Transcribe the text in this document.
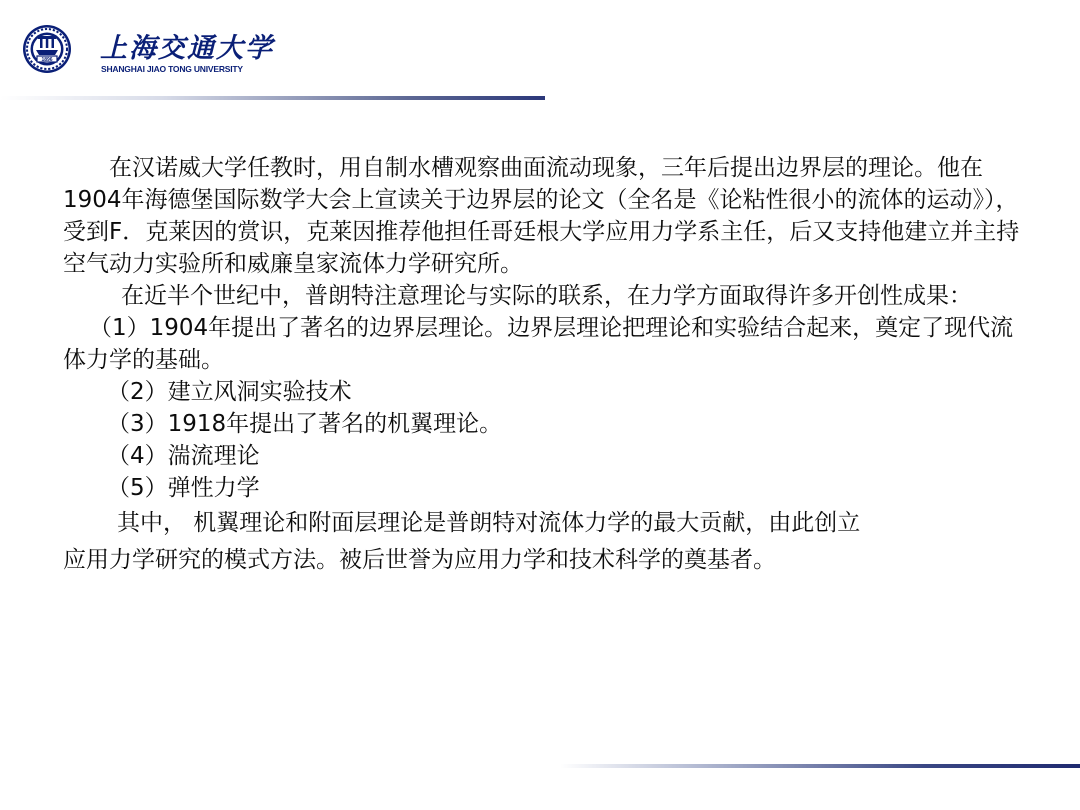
1896 上海交通大学
SHANGHAI JIAO TONG UNIVERSITY

在汉诺威大学任教时，用自制水槽观察曲面流动现象，三年后提出边界层的理论。他在1904年海德堡国际数学大会上宣读关于边界层的论文（全名是《论粘性很小的流体的运动》），受到F．克莱因的赏识，克莱因推荐他担任哥廷根大学应用力学系主任，后又支持他建立并主持空气动力实验所和威廉皇家流体力学研究所。

在近半个世纪中，普朗特注意理论与实际的联系，在力学方面取得许多开创性成果：

（1）1904年提出了著名的边界层理论。边界层理论把理论和实验结合起来，奠定了现代流体力学的基础。

（2）建立风洞实验技术

（3）1918年提出了著名的机翼理论。

（4）湍流理论

（5）弹性力学

其中， 机翼理论和附面层理论是普朗特对流体力学的最大贡献，由此创立

应用力学研究的模式方法。被后世誉为应用力学和技术科学的奠基者。
